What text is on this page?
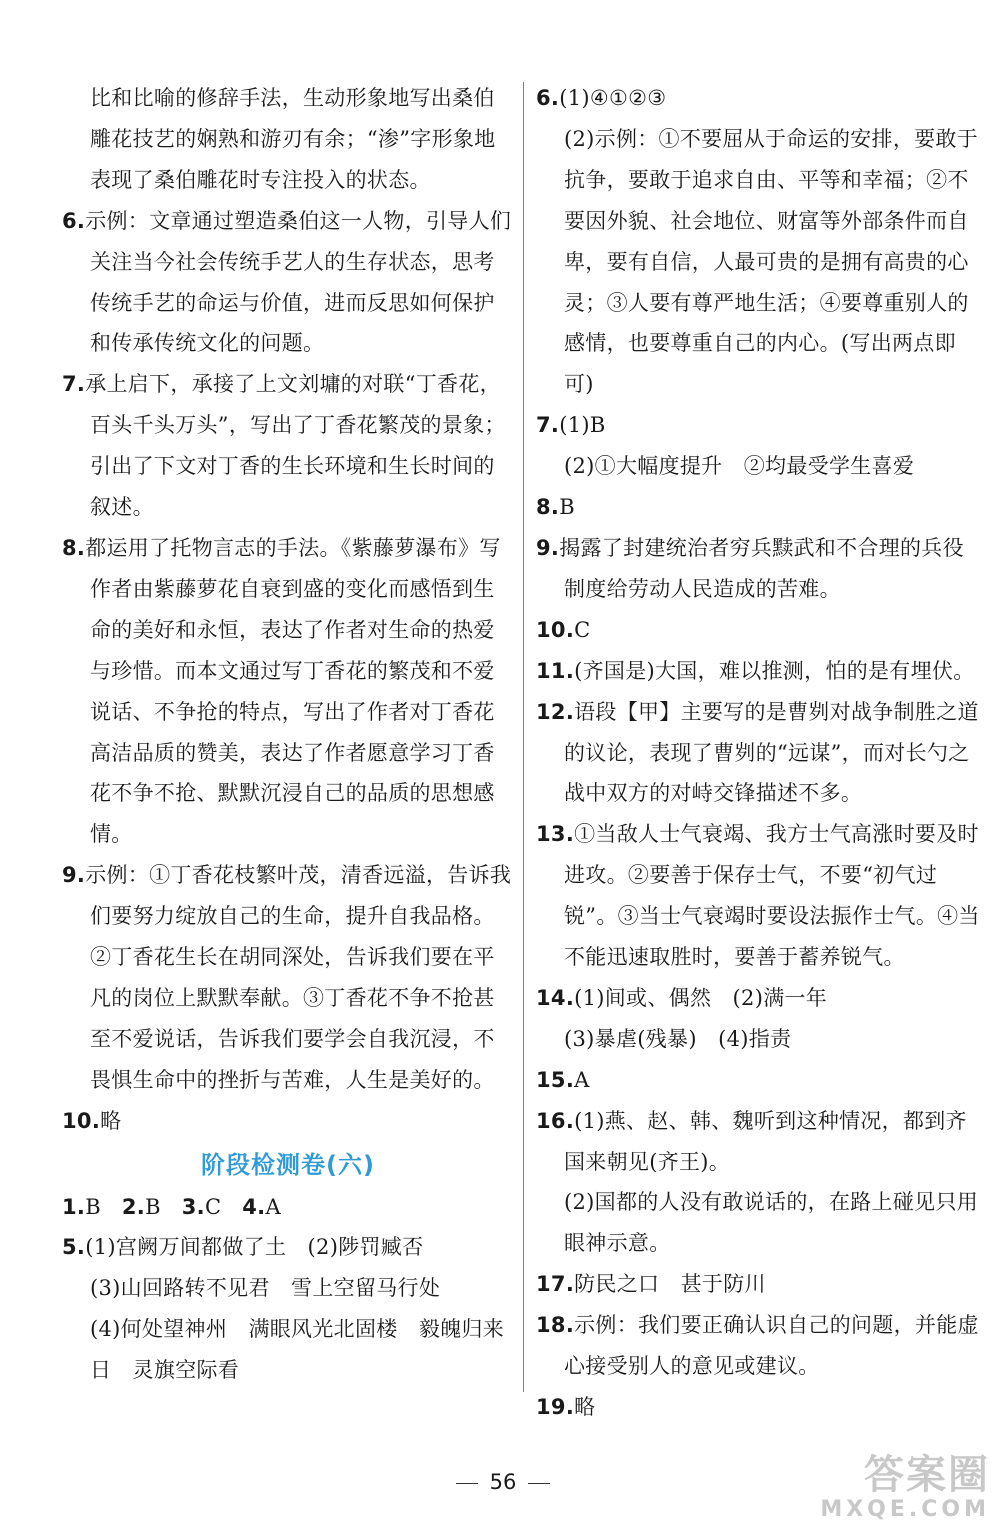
比和比喻的修辞手法，生动形象地写出桑伯雕花技艺的娴熟和游刃有余；“渗”字形象地表现了桑伯雕花时专注投入的状态。

6.示例：文章通过塑造桑伯这一人物，引导人们关注当今社会传统手艺人的生存状态，思考传统手艺的命运与价值，进而反思如何保护和传承传统文化的问题。

7.承上启下，承接了上文刘墉的对联“丁香花，百头千头万头”，写出了丁香花繁茂的景象；引出了下文对丁香的生长环境和生长时间的叙述。

8.都运用了托物言志的手法。《紫藤萝瀑布》写作者由紫藤萝花自衰到盛的变化而感悟到生命的美好和永恒，表达了作者对生命的热爱与珍惜。而本文通过写丁香花的繁茂和不爱说话、不争抢的特点，写出了作者对丁香花高洁品质的赞美，表达了作者愿意学习丁香花不争不抢、默默沉浸自己的品质的思想感情。

9.示例：①丁香花枝繁叶茂，清香远溢，告诉我们要努力绽放自己的生命，提升自我品格。②丁香花生长在胡同深处，告诉我们要在平凡的岗位上默默奉献。③丁香花不争不抢甚至不爱说话，告诉我们要学会自我沉浸，不畏惧生命中的挫折与苦难，人生是美好的。

10.略

阶段检测卷(六)

1.B 2.B 3.C 4.A

5.(1)宫阙万间都做了土　(2)陟罚臧否

(3)山回路转不见君　雪上空留马行处

(4)何处望神州　满眼风光北固楼　毅魄归来日　灵旗空际看

6.(1)④①②③

(2)示例：①不要屈从于命运的安排，要敢于抗争，要敢于追求自由、平等和幸福；②不要因外貌、社会地位、财富等外部条件而自卑，要有自信，人最可贵的是拥有高贵的心灵；③人要有尊严地生活；④要尊重别人的感情，也要尊重自己的内心。(写出两点即可)

7.(1)B

(2)①大幅度提升　②均最受学生喜爱

8.B

9.揭露了封建统治者穷兵黩武和不合理的兵役制度给劳动人民造成的苦难。

10.C

11.(齐国是)大国，难以推测，怕的是有埋伏。

12.语段【甲】主要写的是曹刿对战争制胜之道的议论，表现了曹刿的“远谋”，而对长勺之战中双方的对峙交锋描述不多。

13.①当敌人士气衰竭、我方士气高涨时要及时进攻。②要善于保存士气，不要“初气过锐”。③当士气衰竭时要设法振作士气。④当不能迅速取胜时，要善于蓄养锐气。

14.(1)间或、偶然　(2)满一年

(3)暴虐(残暴)　(4)指责

15.A

16.(1)燕、赵、韩、魏听到这种情况，都到齐国来朝见(齐王)。

(2)国都的人没有敢说话的，在路上碰见只用眼神示意。

17.防民之口　甚于防川

18.示例：我们要正确认识自己的问题，并能虚心接受别人的意见或建议。

19.略

56	答案圈
MXQE.COM
